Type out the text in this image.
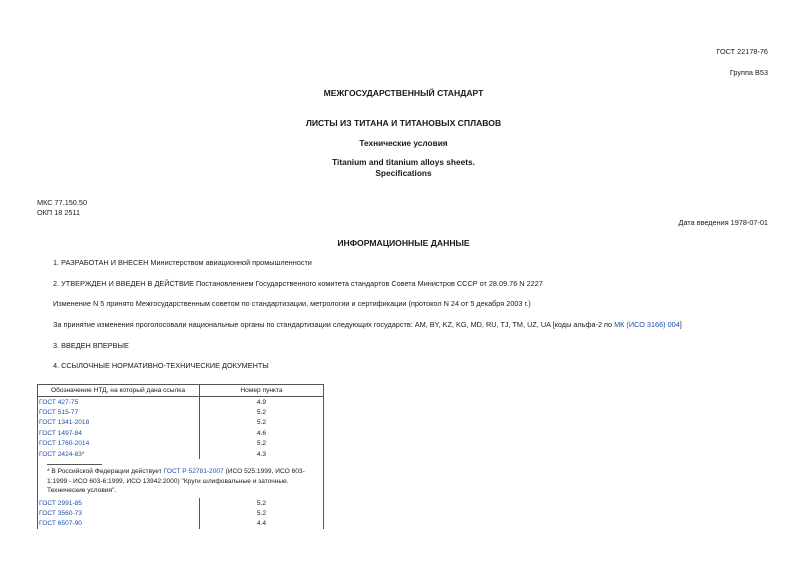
ГОСТ 22178-76
Группа В53
МЕЖГОСУДАРСТВЕННЫЙ СТАНДАРТ
ЛИСТЫ ИЗ ТИТАНА И ТИТАНОВЫХ СПЛАВОВ
Технические условия
Titanium and titanium alloys sheets.
Specifications
МКС 77.150.50
ОКП 18 2511
Дата введения 1978-07-01
ИНФОРМАЦИОННЫЕ ДАННЫЕ
1. РАЗРАБОТАН И ВНЕСЕН Министерством авиационной промышленности
2. УТВЕРЖДЕН И ВВЕДЕН В ДЕЙСТВИЕ Постановлением Государственного комитета стандартов Совета Министров СССР от 28.09.76 N 2227
Изменение N 5 принято Межгосударственным советом по стандартизации, метрологии и сертификации (протокол N 24 от 5 декабря 2003 г.)
За принятие изменения проголосовали национальные органы по стандартизации следующих государств: AM, BY, KZ, KG, MD, RU, TJ, TM, UZ, UA [коды альфа-2 по МК (ИСО 3166) 004]
3. ВВЕДЕН ВПЕРВЫЕ
4. ССЫЛОЧНЫЕ НОРМАТИВНО-ТЕХНИЧЕСКИЕ ДОКУМЕНТЫ
Обозначение НТД, на который дана ссылка	Номер пункта
ГОСТ 427-75	4.9
ГОСТ 515-77	5.2
ГОСТ 1341-2018	5.2
ГОСТ 1497-84	4.6
ГОСТ 1760-2014	5.2
ГОСТ 2424-83*	4.3

* В Российской Федерации действует ГОСТ Р 52781-2007 (ИСО 525:1999, ИСО 603-1:1999 - ИСО 603-6:1999, ИСО 13942:2000) "Круги шлифовальные и заточные. Технические условия".	
ГОСТ 2991-85	5.2
ГОСТ 3560-73	5.2
ГОСТ 6507-90	4.4
